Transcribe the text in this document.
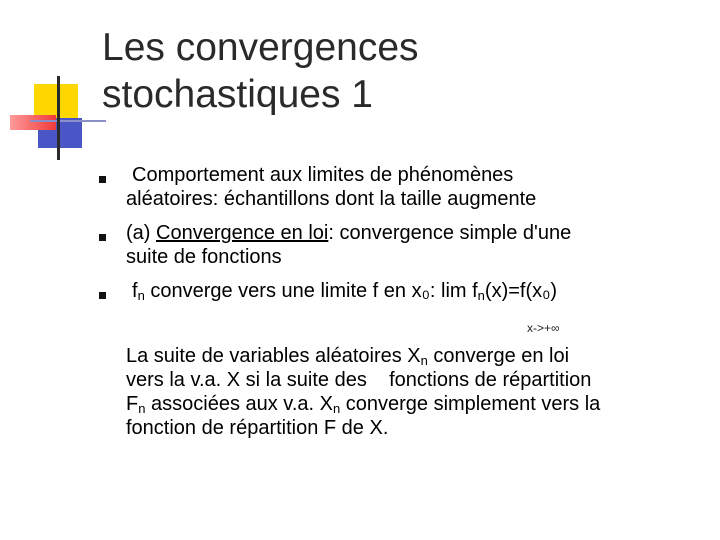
Les convergences
stochastiques 1
Comportement aux limites de phénomènes
aléatoires: échantillons dont la taille augmente
(a) Convergence en loi: convergence simple d'une
suite de fonctions
$f_n$ converge vers une limite f en x₀: $\lim f_n(x)=f(x_0)$
x->+∞
La suite de variables aléatoires $X_n$ converge en loi
vers la v.a. X si la suite des    fonctions de répartition
$F_n$ associées aux v.a. $X_n$ converge simplement vers la
fonction de répartition F de X.
